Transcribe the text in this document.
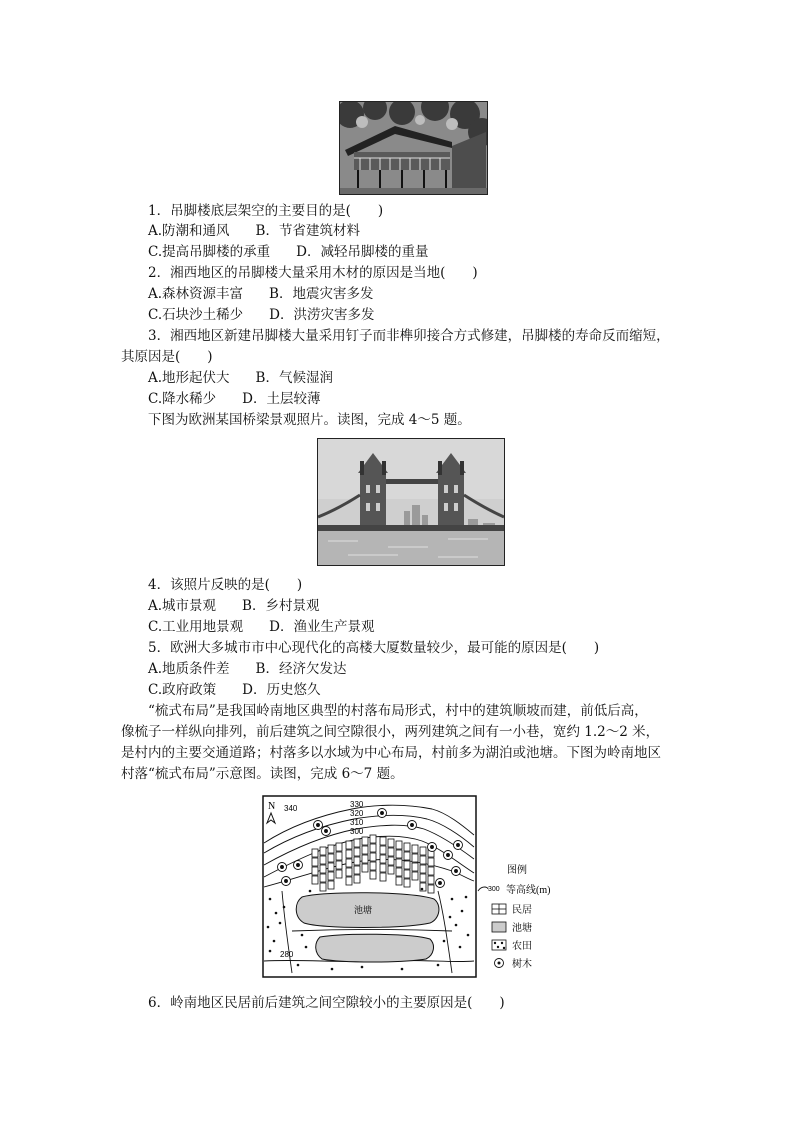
1．吊脚楼底层架空的主要目的是(　　)
A.防潮和通风 B．节省建筑材料
C.提高吊脚楼的承重 D．减轻吊脚楼的重量
2．湘西地区的吊脚楼大量采用木材的原因是当地(　　)
A.森林资源丰富 B．地震灾害多发
C.石块沙土稀少 D．洪涝灾害多发
3．湘西地区新建吊脚楼大量采用钉子而非榫卯接合方式修建，吊脚楼的寿命反而缩短，
其原因是(　　)
A.地形起伏大 B．气候湿润
C.降水稀少 D．土层较薄
下图为欧洲某国桥梁景观照片。读图，完成 4～5 题。
4．该照片反映的是(　　)
A.城市景观 B．乡村景观
C.工业用地景观 D．渔业生产景观
5．欧洲大多城市市中心现代化的高楼大厦数量较少，最可能的原因是(　　)
A.地质条件差 B．经济欠发达
C.政府政策 D．历史悠久
“梳式布局”是我国岭南地区典型的村落布局形式，村中的建筑顺坡而建，前低后高，
像梳子一样纵向排列，前后建筑之间空隙很小，两列建筑之间有一小巷，宽约 1.2～2 米，
是村内的主要交通道路；村落多以水域为中心布局，村前多为湖泊或池塘。下图为岭南地区
村落“梳式布局”示意图。读图，完成 6～7 题。
N 340	330
320
310
300
280
池塘
图例
300 等高线(m)
民居
池塘
农田
树木
6．岭南地区民居前后建筑之间空隙较小的主要原因是(　　)
